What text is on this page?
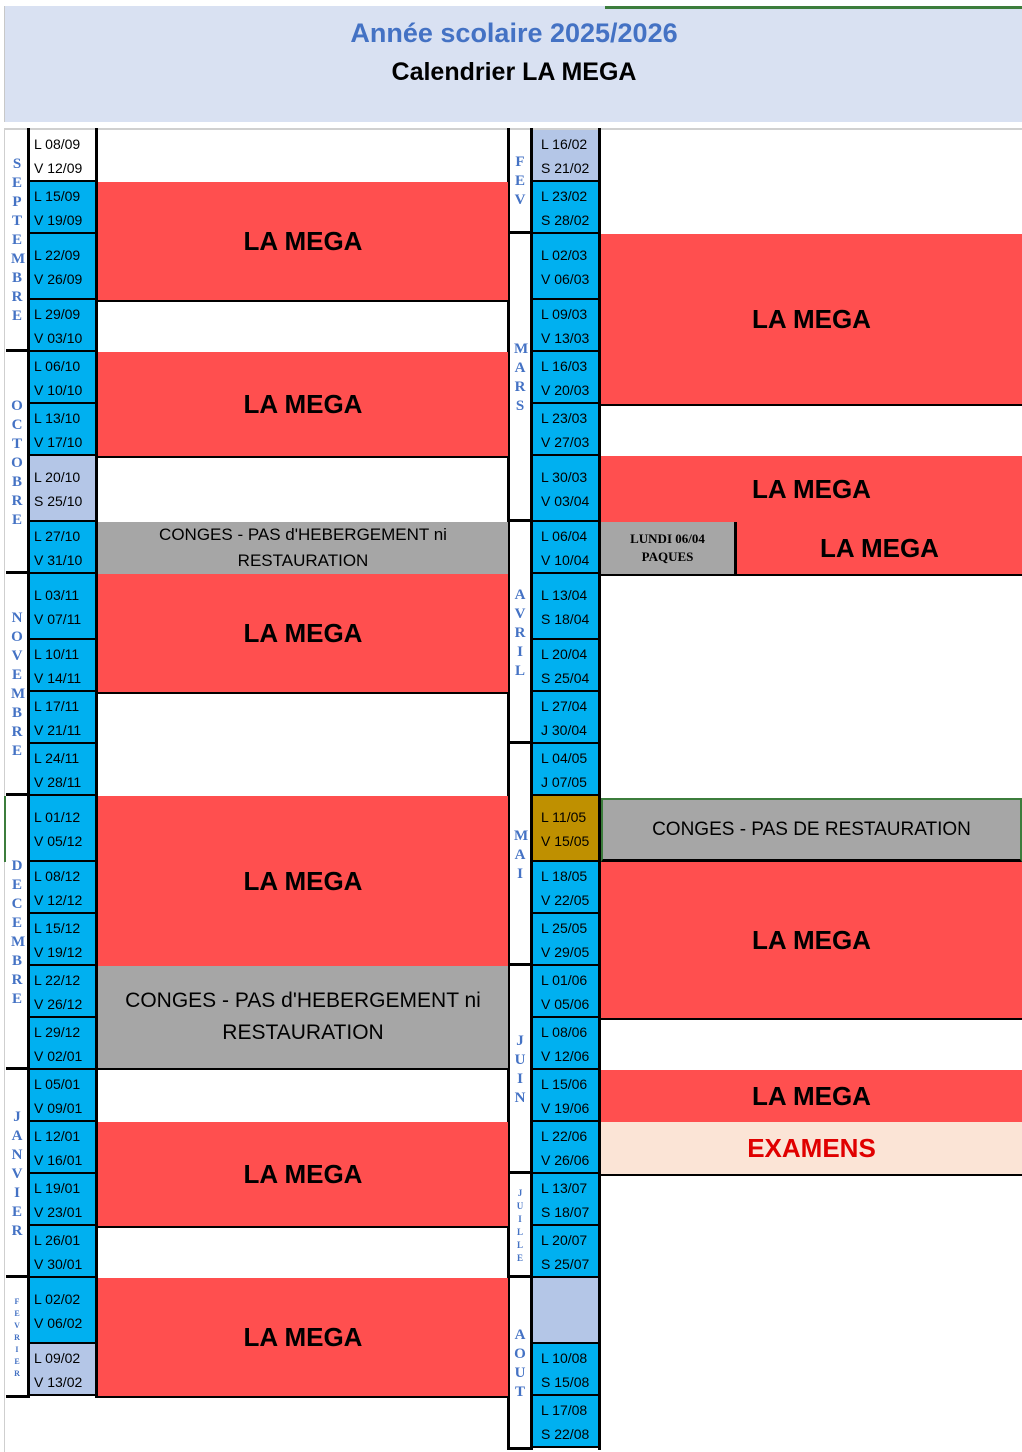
Année scolaire 2025/2026
Calendrier LA MEGA
L 08/09
V 12/09
L 15/09
V 19/09
L 22/09
V 26/09
L 29/09
V 03/10
L 06/10
V 10/10
L 13/10
V 17/10
L 20/10
S 25/10
L 27/10
V 31/10
L 03/11
V 07/11
L 10/11
V 14/11
L 17/11
V 21/11
L 24/11
V 28/11
L 01/12
V 05/12
L 08/12
V 12/12
L 15/12
V 19/12
L 22/12
V 26/12
L 29/12
V 02/01
L 05/01
V 09/01
L 12/01
V 16/01
L 19/01
V 23/01
L 26/01
V 30/01
L 02/02
V 06/02
L 09/02
V 13/02
L 16/02
S 21/02
L 23/02
S 28/02
L 02/03
V 06/03
L 09/03
V 13/03
L 16/03
V 20/03
L 23/03
V 27/03
L 30/03
V 03/04
L 06/04
V 10/04
L 13/04
S 18/04
L 20/04
S 25/04
L 27/04
J 30/04
L 04/05
J 07/05
L 11/05
V 15/05
L 18/05
V 22/05
L 25/05
V 29/05
L 01/06
V 05/06
L 08/06
V 12/06
L 15/06
V 19/06
L 22/06
V 26/06
L 13/07
S 18/07
L 20/07
S 25/07
L 10/08
S 15/08
L 17/08
S 22/08
SEPTEMBRE
OCTOBRE
NOVEMBRE
DECEMBRE
JANVIER
FEVRIER
FEV
MARS
AVRIL
MAI
JUIN
JUILLE
AOUT
LA MEGA
LA MEGA
CONGES - PAS d'HEBERGEMENT ni RESTAURATION
LA MEGA
LA MEGA
CONGES - PAS d'HEBERGEMENT ni RESTAURATION
LA MEGA
LA MEGA
LA MEGA
LA MEGA
LUNDI 06/04
PAQUES	LA MEGA
CONGES - PAS DE RESTAURATION
LA MEGA
LA MEGA
EXAMENS
